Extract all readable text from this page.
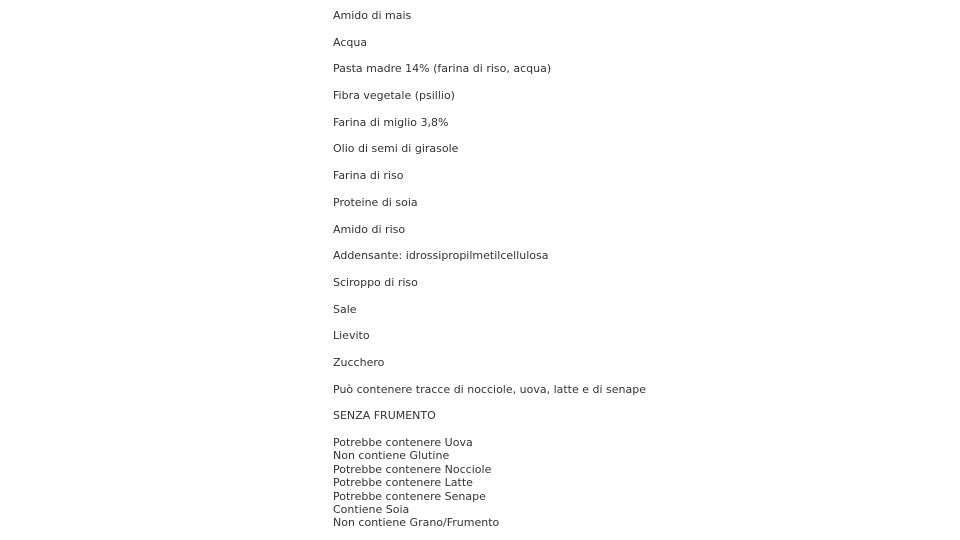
Amido di mais
Acqua
Pasta madre 14% (farina di riso, acqua)
Fibra vegetale (psillio)
Farina di miglio 3,8%
Olio di semi di girasole
Farina di riso
Proteine di soia
Amido di riso
Addensante: idrossipropilmetilcellulosa
Sciroppo di riso
Sale
Lievito
Zucchero
Può contenere tracce di nocciole, uova, latte e di senape
SENZA FRUMENTO
Potrebbe contenere Uova
Non contiene Glutine
Potrebbe contenere Nocciole
Potrebbe contenere Latte
Potrebbe contenere Senape
Contiene Soia
Non contiene Grano/Frumento
